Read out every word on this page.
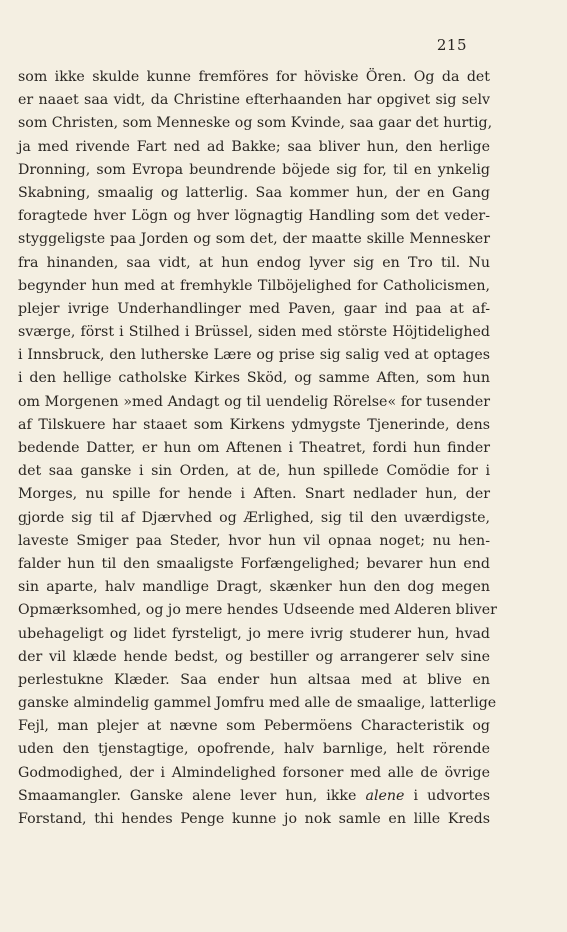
215
som ikke skulde kunne fremföres for höviske Ören. Og da det
er naaet saa vidt, da Christine efterhaanden har opgivet sig selv
som Christen, som Menneske og som Kvinde, saa gaar det hurtig,
ja med rivende Fart ned ad Bakke; saa bliver hun, den herlige
Dronning, som Evropa beundrende böjede sig for, til en ynkelig
Skabning, smaalig og latterlig. Saa kommer hun, der en Gang
foragtede hver Lögn og hver lögnagtig Handling som det veder-
styggeligste paa Jorden og som det, der maatte skille Mennesker
fra hinanden, saa vidt, at hun endog lyver sig en Tro til. Nu
begynder hun med at fremhykle Tilböjelighed for Catholicismen,
plejer ivrige Underhandlinger med Paven, gaar ind paa at af-
sværge, först i Stilhed i Brüssel, siden med störste Höjtidelighed
i Innsbruck, den lutherske Lære og prise sig salig ved at optages
i den hellige catholske Kirkes Sköd, og samme Aften, som hun
om Morgenen »med Andagt og til uendelig Rörelse« for tusender
af Tilskuere har staaet som Kirkens ydmygste Tjenerinde, dens
bedende Datter, er hun om Aftenen i Theatret, fordi hun finder
det saa ganske i sin Orden, at de, hun spillede Comödie for i
Morges, nu spille for hende i Aften. Snart nedlader hun, der
gjorde sig til af Djærvhed og Ærlighed, sig til den uværdigste,
laveste Smiger paa Steder, hvor hun vil opnaa noget; nu hen-
falder hun til den smaaligste Forfængelighed; bevarer hun end
sin aparte, halv mandlige Dragt, skænker hun den dog megen
Opmærksomhed, og jo mere hendes Udseende med Alderen bliver
ubehageligt og lidet fyrsteligt, jo mere ivrig studerer hun, hvad
der vil klæde hende bedst, og bestiller og arrangerer selv sine
perlestukne Klæder. Saa ender hun altsaa med at blive en
ganske almindelig gammel Jomfru med alle de smaalige, latterlige
Fejl, man plejer at nævne som Pebermöens Characteristik og
uden den tjenstagtige, opofrende, halv barnlige, helt rörende
Godmodighed, der i Almindelighed forsoner med alle de övrige
Smaamangler. Ganske alene lever hun, ikke alene i udvortes
Forstand, thi hendes Penge kunne jo nok samle en lille Kreds
